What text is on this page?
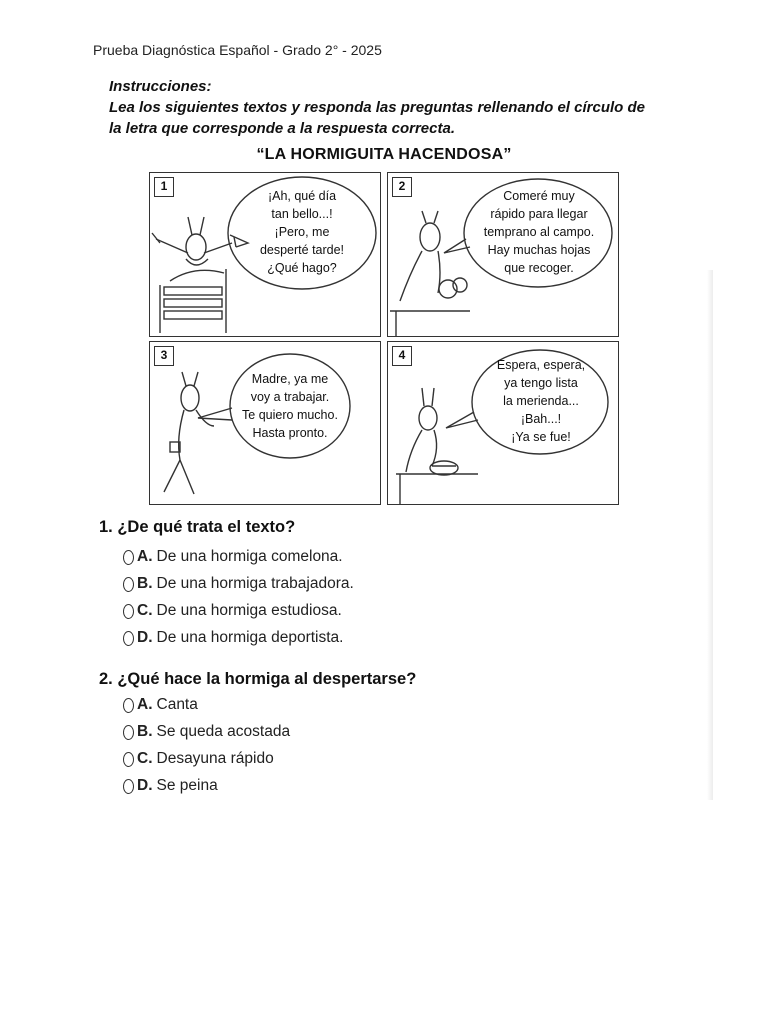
Prueba Diagnóstica Español - Grado 2° - 2025
Instrucciones:
Lea los siguientes textos y responda las preguntas rellenando el círculo de
la letra que corresponde a la respuesta correcta.
“LA HORMIGUITA HACENDOSA”
1
¡Ah, qué día
tan bello...!
¡Pero, me
desperté tarde!
¿Qué hago?
2
Comeré muy
rápido para llegar
temprano al campo.
Hay muchas hojas
que recoger.
3
Madre, ya me
voy a trabajar.
Te quiero mucho.
Hasta pronto.
4
Espera, espera,
ya tengo lista
la merienda...
¡Bah...!
¡Ya se fue!
1. ¿De qué trata el texto?
A. De una hormiga comelona.
B. De una hormiga trabajadora.
C. De una hormiga estudiosa.
D. De una hormiga deportista.
2. ¿Qué hace la hormiga al despertarse?
A. Canta
B. Se queda acostada
C. Desayuna rápido
D. Se peina
